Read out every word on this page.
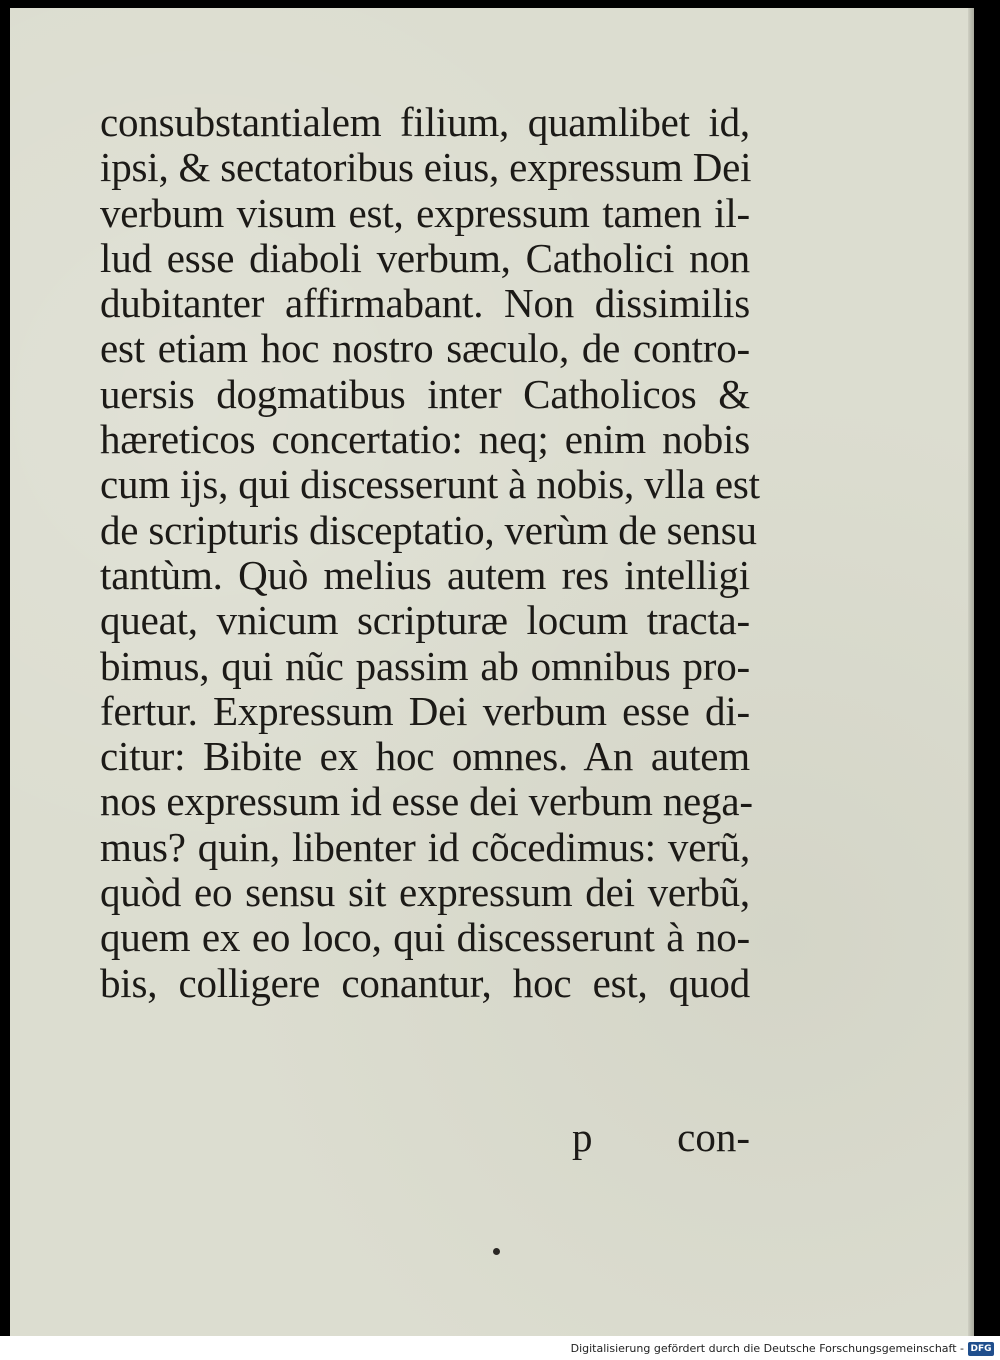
consubstantialem filium, quamlibet id,
ipsi, & sectatoribus eius, expressum Dei
verbum visum est, expressum tamen il-
lud esse diaboli verbum, Catholici non
dubitanter affirmabant. Non dissimilis
est etiam hoc nostro sæculo, de contro-
uersis dogmatibus inter Catholicos &
hæreticos concertatio: neq; enim nobis
cum ijs, qui discesserunt à nobis, vlla est
de scripturis disceptatio, verùm de sensu
tantùm. Quò melius autem res intelligi
queat, vnicum scripturæ locum tracta-
bimus, qui nũc passim ab omnibus pro-
fertur. Expressum Dei verbum esse di-
citur: Bibite ex hoc omnes. An autem
nos expressum id esse dei verbum nega-
mus? quin, libenter id cõcedimus: verũ,
quòd eo sensu sit expressum dei verbũ,
quem ex eo loco, qui discesserunt à no-
bis, colligere conantur, hoc est, quod
p con-
Digitalisierung gefördert durch die Deutsche Forschungsgemeinschaft - DFG
